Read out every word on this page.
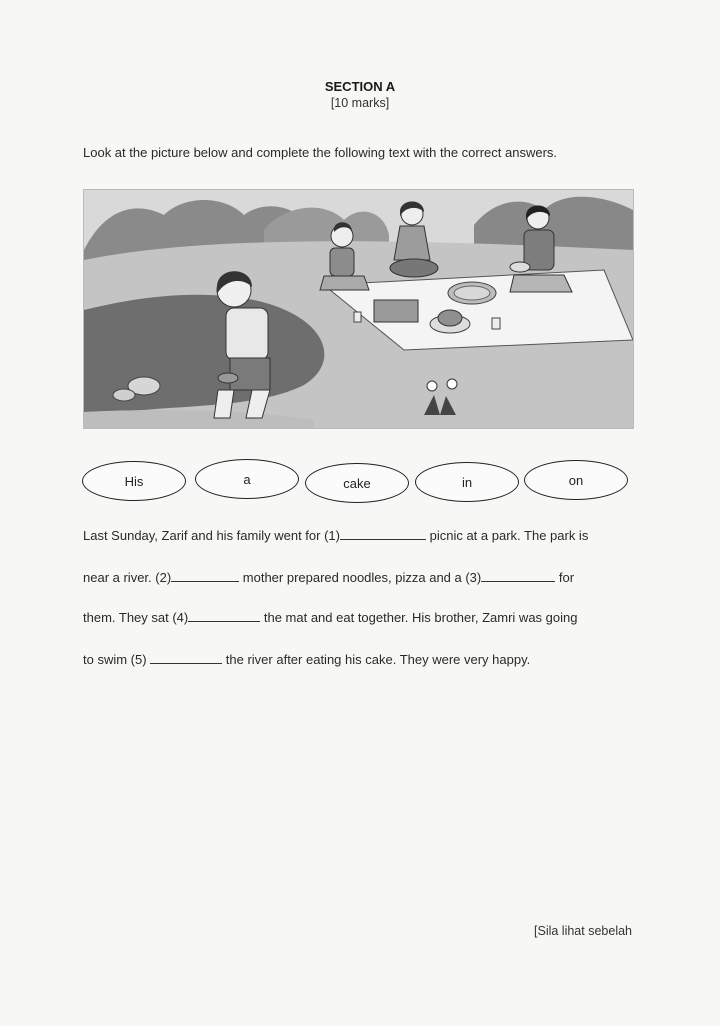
SECTION A
[10 marks]
Look at the picture below and complete the following text with the correct answers.
His	a	cake	in	on
Last Sunday, Zarif and his family went for (1)	picnic at a park. The park is
near a river. (2)	mother prepared noodles, pizza and a (3)	for
them. They sat (4)	the mat and eat together. His brother, Zamri was going
to swim (5)	the river after eating his cake. They were very happy.
[Sila lihat sebelah
